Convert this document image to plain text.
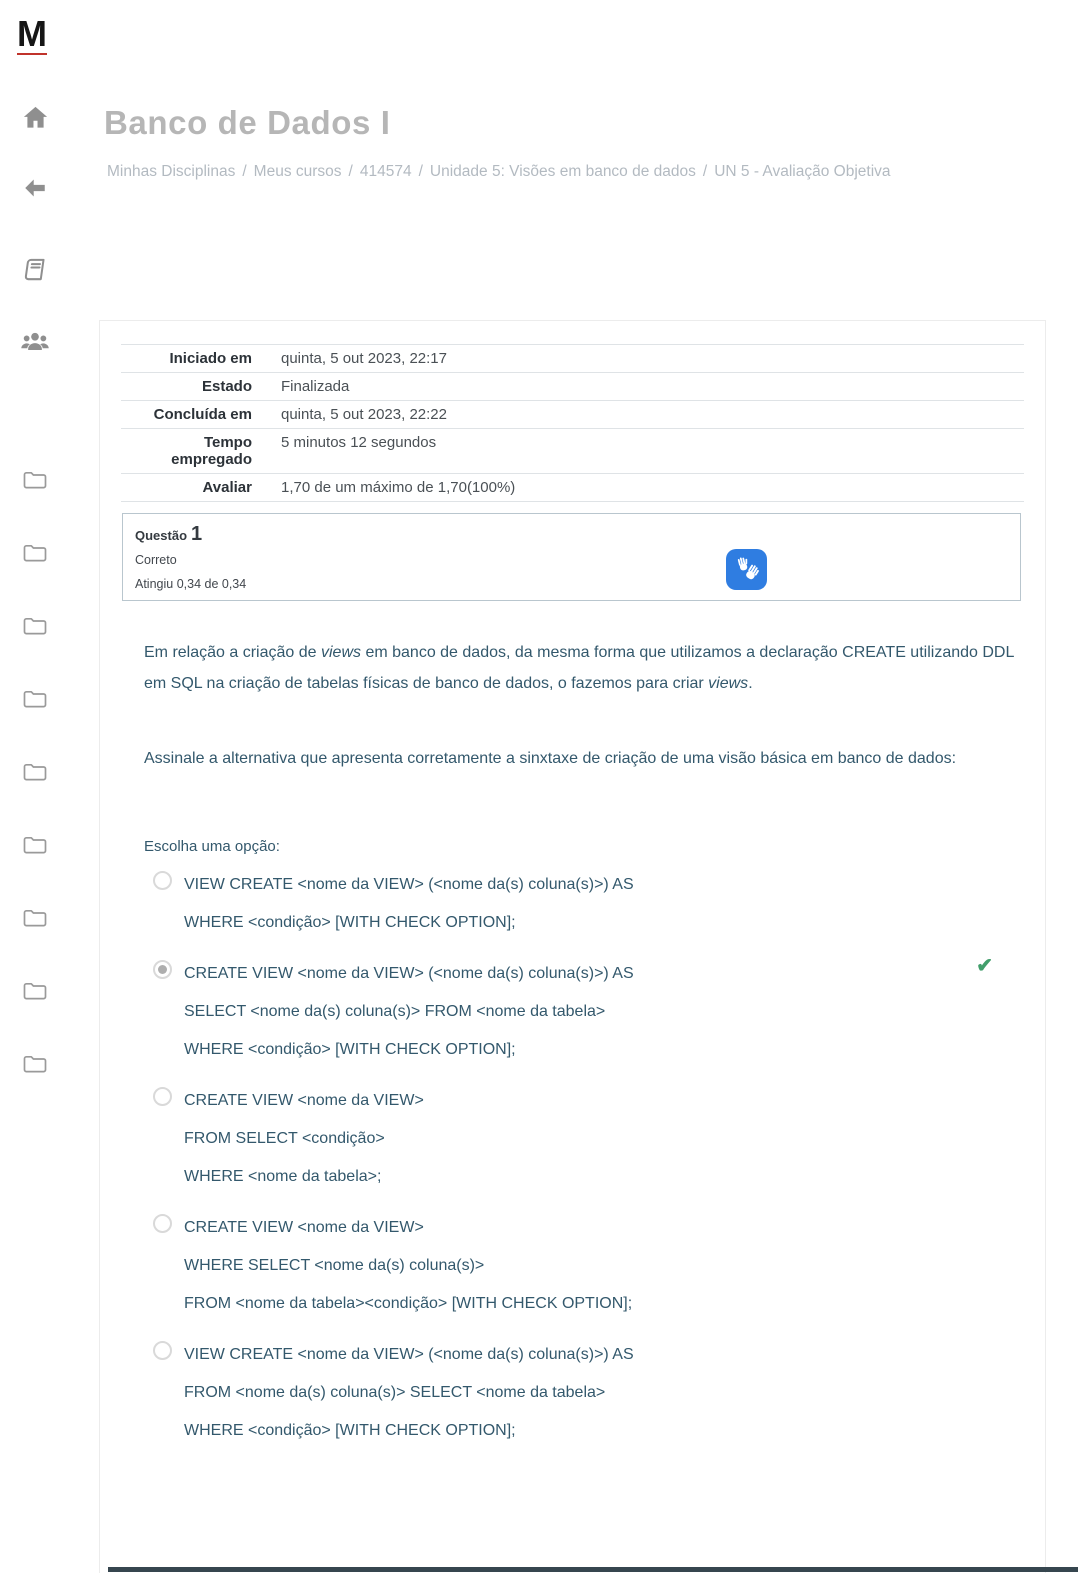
M
Banco de Dados I
Minhas Disciplinas / Meus cursos / 414574 / Unidade 5: Visões em banco de dados / UN 5 - Avaliação Objetiva
Iniciado em	quinta, 5 out 2023, 22:17
Estado	Finalizada
Concluída em	quinta, 5 out 2023, 22:22
Tempo empregado	5 minutos 12 segundos
Avaliar	1,70 de um máximo de 1,70(100%)
Questão 1
Correto
Atingiu 0,34 de 0,34

Em relação a criação de views em banco de dados, da mesma forma que utilizamos a declaração CREATE utilizando DDL em SQL na criação de tabelas físicas de banco de dados, o fazemos para criar views.

Assinale a alternativa que apresenta corretamente a sinxtaxe de criação de uma visão básica em banco de dados:

Escolha uma opção:
VIEW CREATE <nome da VIEW> (<nome da(s) coluna(s)>) AS
WHERE <condição> [WITH CHECK OPTION];
CREATE VIEW <nome da VIEW> (<nome da(s) coluna(s)>) AS
SELECT <nome da(s) coluna(s)> FROM <nome da tabela>
WHERE <condição> [WITH CHECK OPTION];
✔
CREATE VIEW <nome da VIEW>
FROM SELECT <condição>
WHERE <nome da tabela>;
CREATE VIEW <nome da VIEW>
WHERE SELECT <nome da(s) coluna(s)>
FROM <nome da tabela><condição> [WITH CHECK OPTION];
VIEW CREATE <nome da VIEW> (<nome da(s) coluna(s)>) AS
FROM <nome da(s) coluna(s)> SELECT <nome da tabela>
WHERE <condição> [WITH CHECK OPTION];
